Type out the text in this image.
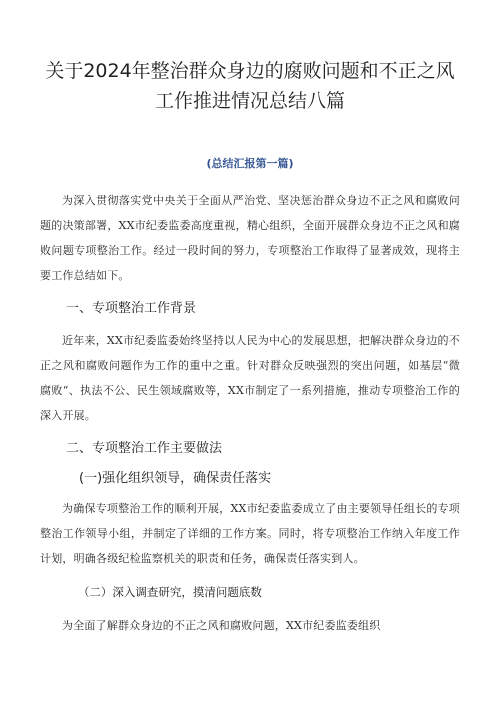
关于2024年整治群众身边的腐败问题和不正之风工作推进情况总结八篇
(总结汇报第一篇)

为深入贯彻落实党中央关于全面从严治党、坚决惩治群众身边不正之风和腐败问题的决策部署，XX市纪委监委高度重视，精心组织，全面开展群众身边不正之风和腐败问题专项整治工作。经过一段时间的努力，专项整治工作取得了显著成效，现将主要工作总结如下。

一、专项整治工作背景

近年来，XX市纪委监委始终坚持以人民为中心的发展思想，把解决群众身边的不正之风和腐败问题作为工作的重中之重。针对群众反映强烈的突出问题，如基层“微腐败“、执法不公、民生领域腐败等，XX市制定了一系列措施，推动专项整治工作的深入开展。

二、专项整治工作主要做法
(一)强化组织领导，确保责任落实

为确保专项整治工作的顺利开展，XX市纪委监委成立了由主要领导任组长的专项整治工作领导小组，并制定了详细的工作方案。同时，将专项整治工作纳入年度工作计划，明确各级纪检监察机关的职责和任务，确保责任落实到人。

（二）深入调查研究，摸清问题底数

为全面了解群众身边的不正之风和腐败问题，XX市纪委监委组织
